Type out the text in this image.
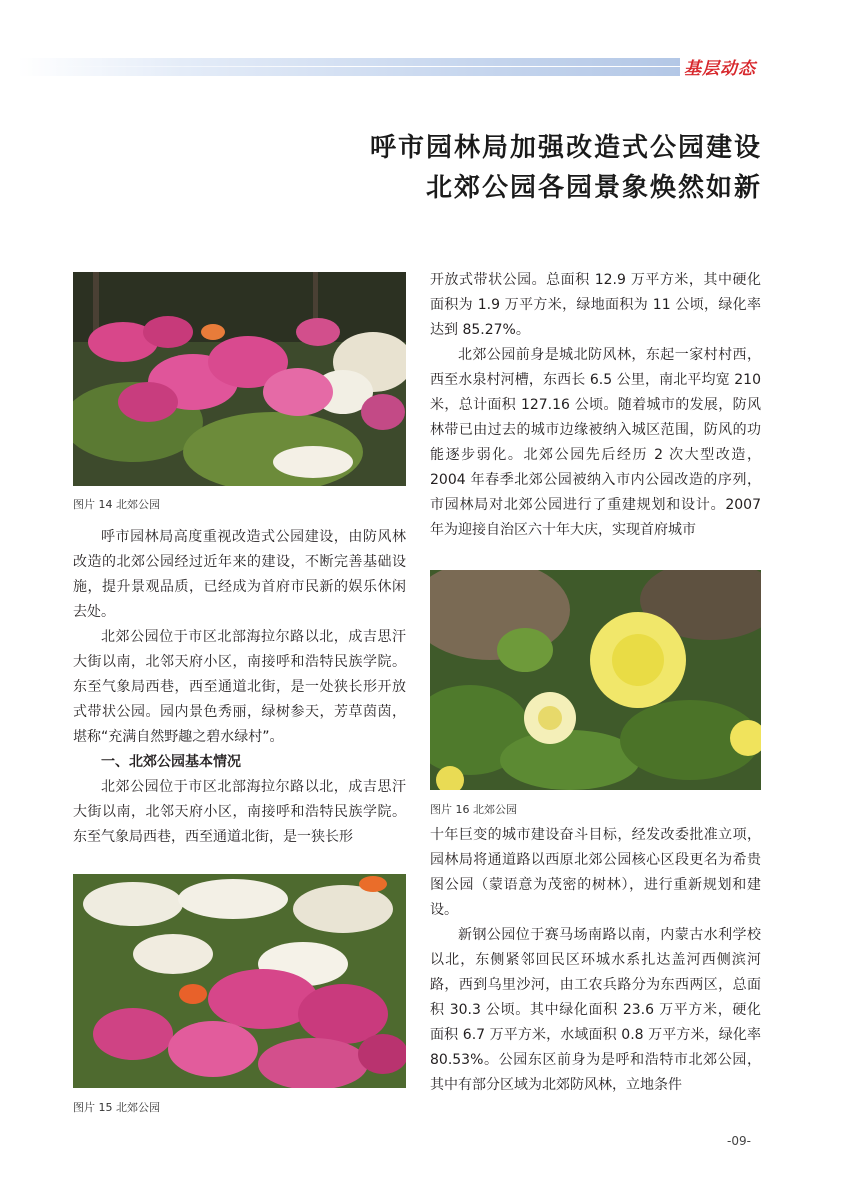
基层动态
呼市园林局加强改造式公园建设
北郊公园各园景象焕然如新
图片 14 北郊公园

呼市园林局高度重视改造式公园建设，由防风林改造的北郊公园经过近年来的建设，不断完善基础设施，提升景观品质，已经成为首府市民新的娱乐休闲去处。

北郊公园位于市区北部海拉尔路以北，成吉思汗大街以南，北邻天府小区，南接呼和浩特民族学院。东至气象局西巷，西至通道北街，是一处狭长形开放式带状公园。园内景色秀丽，绿树参天，芳草茵茵，堪称“充满自然野趣之碧水绿村”。

一、北郊公园基本情况

北郊公园位于市区北部海拉尔路以北，成吉思汗大街以南，北邻天府小区，南接呼和浩特民族学院。东至气象局西巷，西至通道北街，是一狭长形

图片 15 北郊公园

开放式带状公园。总面积 12.9 万平方米，其中硬化面积为 1.9 万平方米，绿地面积为 11 公顷，绿化率达到 85.27%。

北郊公园前身是城北防风林，东起一家村村西，西至水泉村河槽，东西长 6.5 公里，南北平均宽 210 米，总计面积 127.16 公顷。随着城市的发展，防风林带已由过去的城市边缘被纳入城区范围，防风的功能逐步弱化。北郊公园先后经历 2 次大型改造，2004 年春季北郊公园被纳入市内公园改造的序列，市园林局对北郊公园进行了重建规划和设计。2007 年为迎接自治区六十年大庆，实现首府城市

图片 16 北郊公园

十年巨变的城市建设奋斗目标，经发改委批准立项，园林局将通道路以西原北郊公园核心区段更名为希贵图公园（蒙语意为茂密的树林），进行重新规划和建设。

新钢公园位于赛马场南路以南，内蒙古水利学校以北，东侧紧邻回民区环城水系扎达盖河西侧滨河路，西到乌里沙河，由工农兵路分为东西两区，总面积 30.3 公顷。其中绿化面积 23.6 万平方米，硬化面积 6.7 万平方米，水域面积 0.8 万平方米，绿化率 80.53%。公园东区前身为是呼和浩特市北郊公园，其中有部分区域为北郊防风林，立地条件

-09-
